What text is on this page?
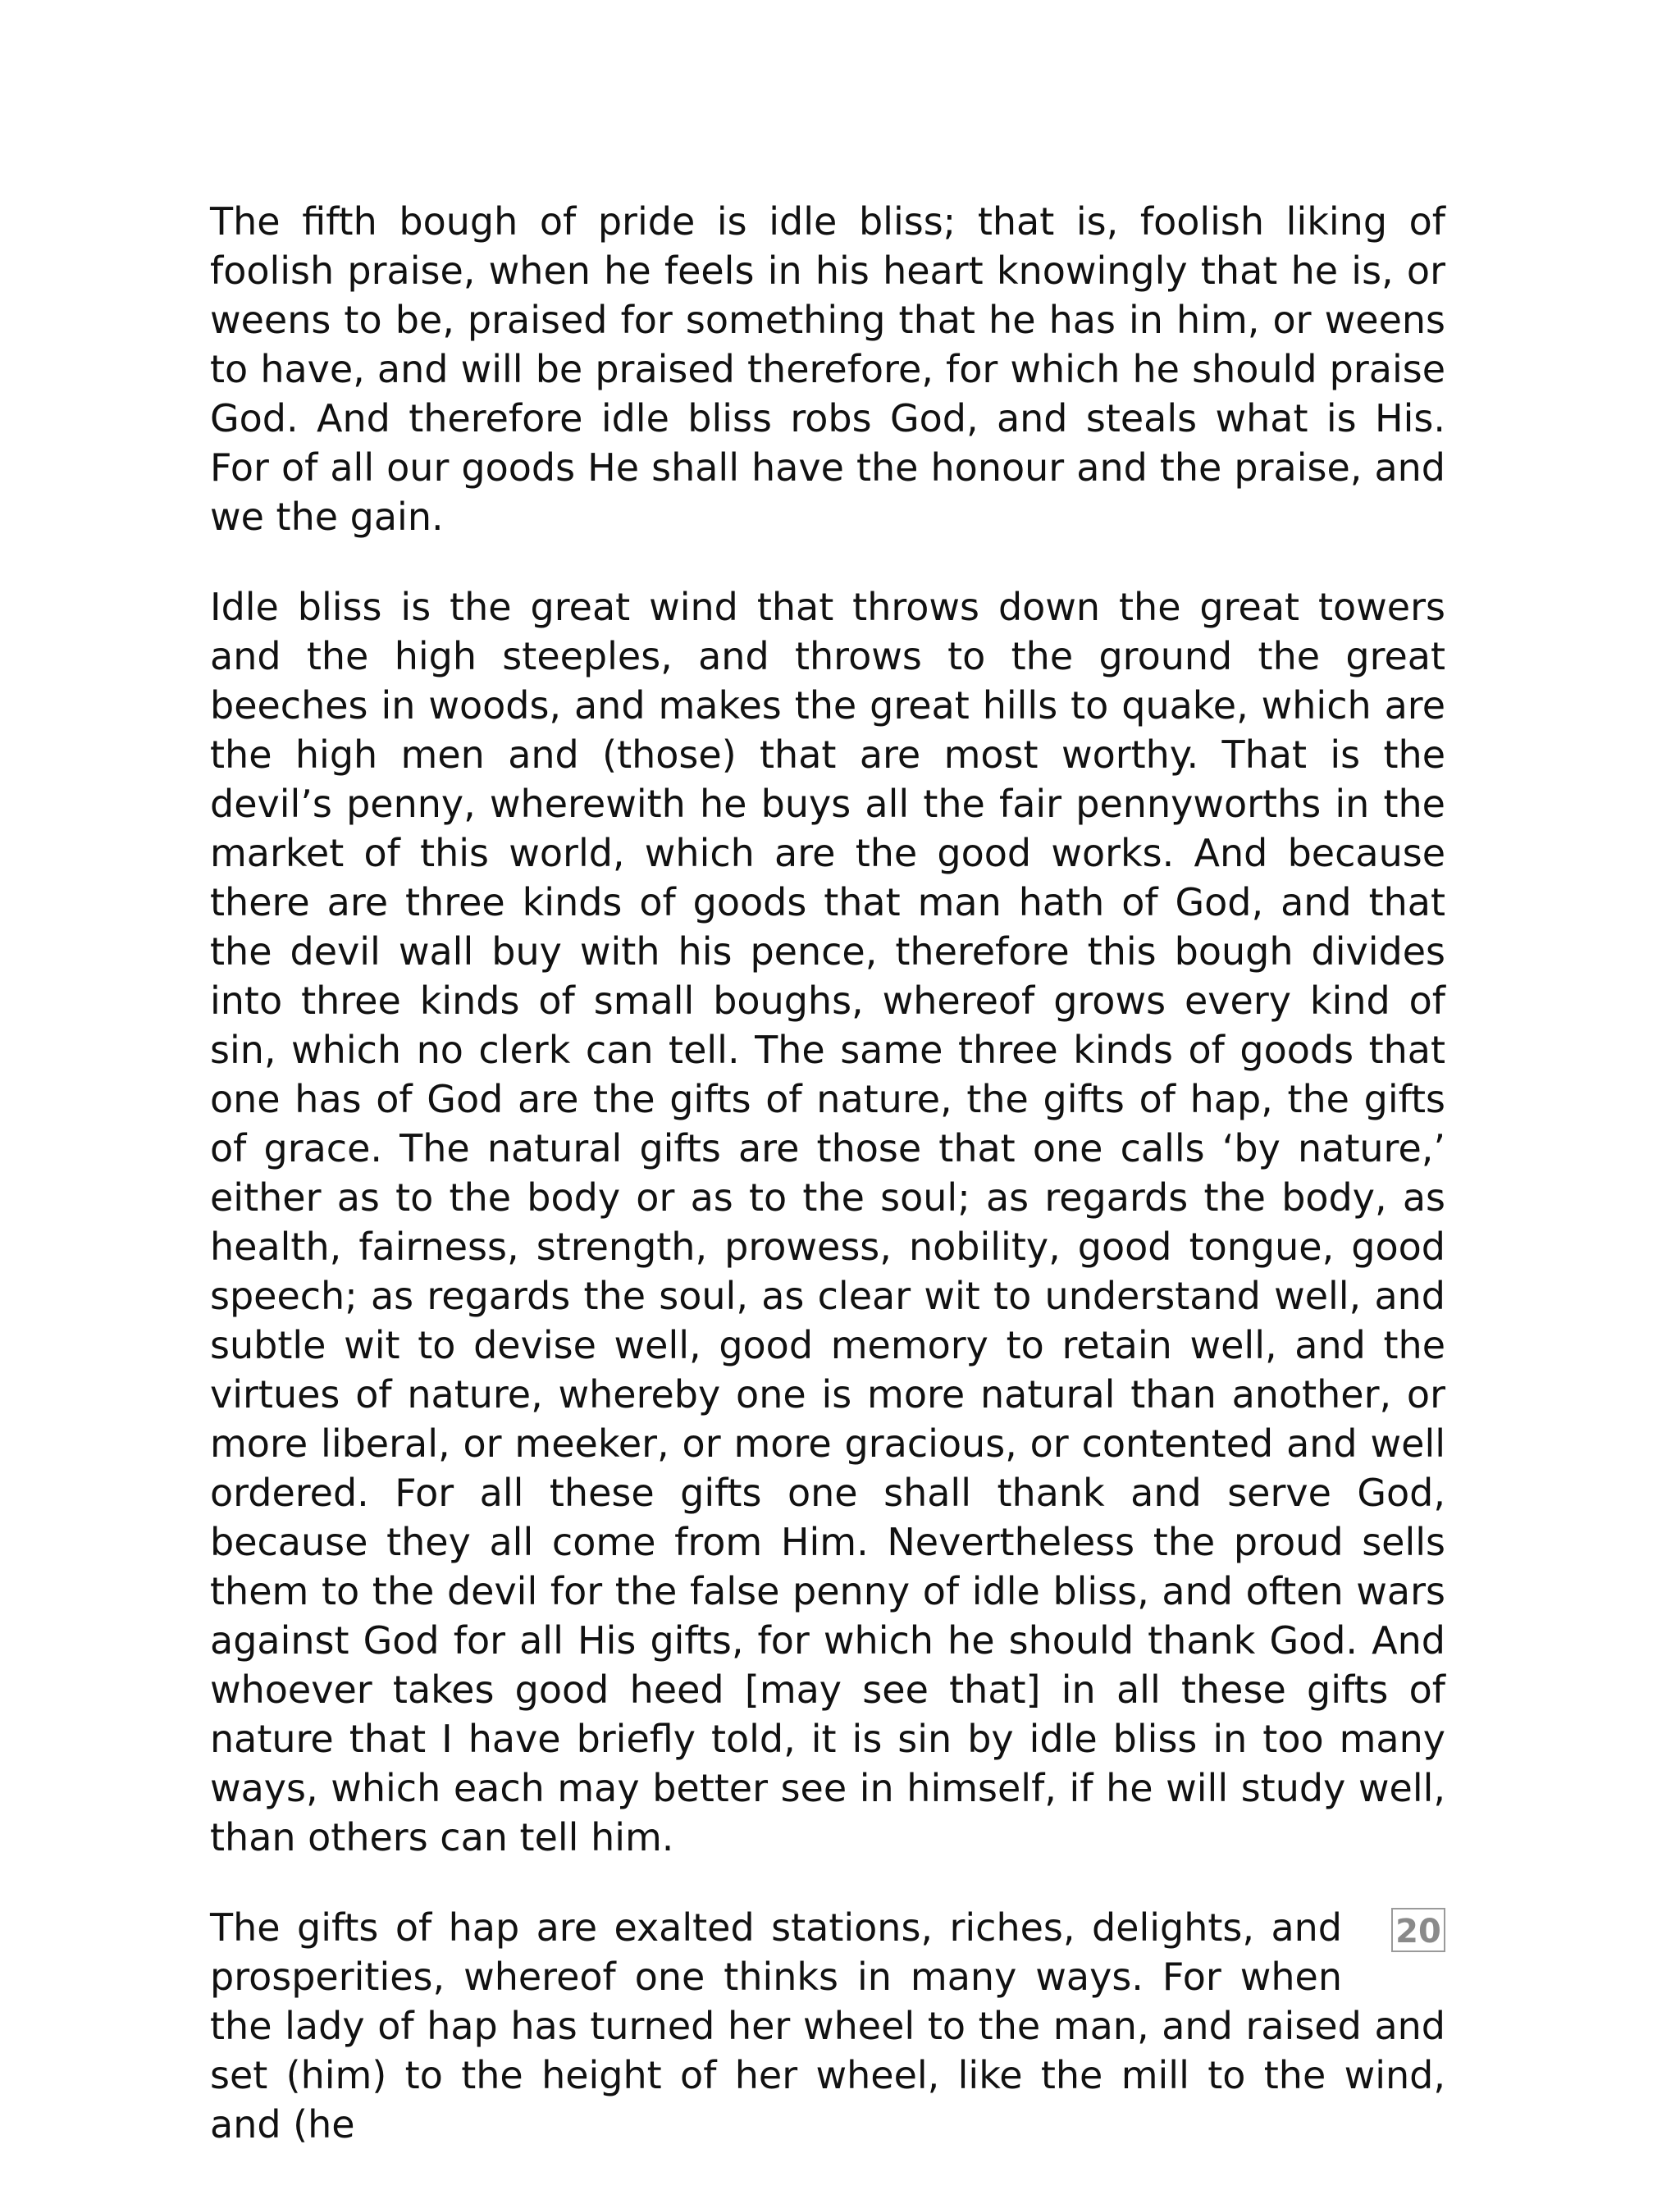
The fifth bough of pride is idle bliss; that is, foolish liking of foolish praise, when he feels in his heart knowingly that he is, or weens to be, praised for something that he has in him, or weens to have, and will be praised therefore, for which he should praise God. And therefore idle bliss robs God, and steals what is His. For of all our goods He shall have the honour and the praise, and we the gain.

Idle bliss is the great wind that throws down the great towers and the high steeples, and throws to the ground the great beeches in woods, and makes the great hills to quake, which are the high men and (those) that are most worthy. That is the devil’s penny, wherewith he buys all the fair pennyworths in the market of this world, which are the good works. And because there are three kinds of goods that man hath of God, and that the devil wall buy with his pence, therefore this bough divides into three kinds of small boughs, whereof grows every kind of sin, which no clerk can tell. The same three kinds of goods that one has of God are the gifts of nature, the gifts of hap, the gifts of grace. The natural gifts are those that one calls ‘by nature,’ either as to the body or as to the soul; as regards the body, as health, fairness, strength, prowess, nobility, good tongue, good speech; as regards the soul, as clear wit to understand well, and subtle wit to devise well, good memory to retain well, and the virtues of nature, whereby one is more natural than another, or more liberal, or meeker, or more gracious, or contented and well ordered. For all these gifts one shall thank and serve God, because they all come from Him. Nevertheless the proud sells them to the devil for the false penny of idle bliss, and often wars against God for all His gifts, for which he should thank God. And whoever takes good heed [may see that] in all these gifts of nature that I have briefly told, it is sin by idle bliss in too many ways, which each may better see in himself, if he will study well, than others can tell him.

20
The gifts of hap are exalted stations, riches, delights, and prosperities, whereof one thinks in many ways. For when the lady of hap has turned her wheel to the man, and raised and set (him) to the height of her wheel, like the mill to the wind, and (he
